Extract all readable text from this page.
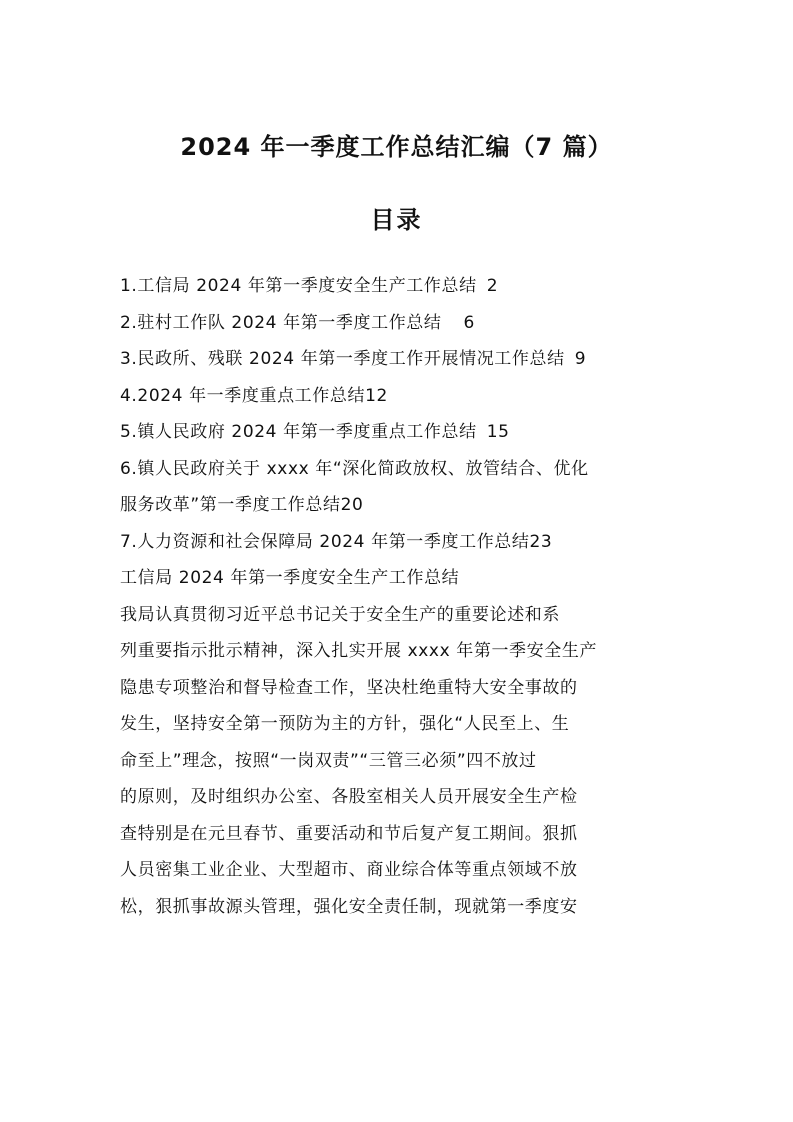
2024 年一季度工作总结汇编（7 篇）
目录
1.工信局 2024 年第一季度安全生产工作总结 2
2.驻村工作队 2024 年第一季度工作总结 6
3.民政所、残联 2024 年第一季度工作开展情况工作总结 9
4.2024 年一季度重点工作总结12
5.镇人民政府 2024 年第一季度重点工作总结 15
6.镇人民政府关于 xxxx 年“深化简政放权、放管结合、优化
服务改革”第一季度工作总结20
7.人力资源和社会保障局 2024 年第一季度工作总结23
工信局 2024 年第一季度安全生产工作总结
我局认真贯彻习近平总书记关于安全生产的重要论述和系
列重要指示批示精神，深入扎实开展 xxxx 年第一季安全生产
隐患专项整治和督导检查工作，坚决杜绝重特大安全事故的
发生，坚持安全第一预防为主的方针，强化“人民至上、生
命至上”理念，按照“一岗双责”“三管三必须”四不放过
的原则，及时组织办公室、各股室相关人员开展安全生产检
查特别是在元旦春节、重要活动和节后复产复工期间。狠抓
人员密集工业企业、大型超市、商业综合体等重点领域不放
松，狠抓事故源头管理，强化安全责任制，现就第一季度安
